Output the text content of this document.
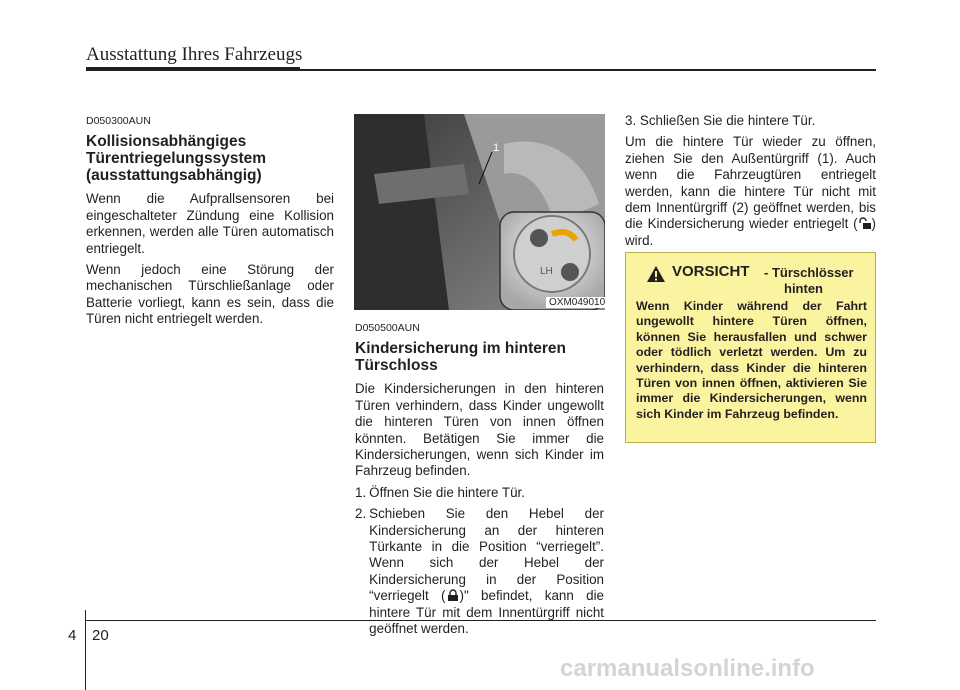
Ausstattung Ihres Fahrzeugs
D050300AUN
Kollisionsabhängiges Türentriegelungssystem (ausstattungsabhängig)

Wenn die Aufprallsensoren bei eingeschalteter Zündung eine Kollision erkennen, werden alle Türen automatisch entriegelt.

Wenn jedoch eine Störung der mechanischen Türschließanlage oder Batterie vorliegt, kann es sein, dass die Türen nicht entriegelt werden.

1
LH
OXM049010
D050500AUN
Kindersicherung im hinteren Türschloss

Die Kindersicherungen in den hinteren Türen verhindern, dass Kinder ungewollt die hinteren Türen von innen öffnen könnten. Betätigen Sie immer die Kindersicherungen, wenn sich Kinder im Fahrzeug befinden.

1. Öffnen Sie die hintere Tür.
2. Schieben Sie den Hebel der Kindersicherung an der hinteren Türkante in die Position “verriegelt”. Wenn sich der Hebel der Kindersicherung in der Position “verriegelt ( )" befindet, kann die hintere Tür mit dem Innentürgriff nicht geöffnet werden.

3. Schließen Sie die hintere Tür.

Um die hintere Tür wieder zu öffnen, ziehen Sie den Außentürgriff (1). Auch wenn die Fahrzeugtüren entriegelt werden, kann die hintere Tür nicht mit dem Innentürgriff (2) geöffnet werden, bis die Kindersicherung wieder entriegelt ( ) wird.

VORSICHT - Türschlösser
hinten
Wenn Kinder während der Fahrt ungewollt hintere Türen öffnen, können Sie herausfallen und schwer oder tödlich verletzt werden. Um zu verhindern, dass Kinder die hinteren Türen von innen öffnen, aktivieren Sie immer die Kindersicherungen, wenn sich Kinder im Fahrzeug befinden.
4 20
carmanualsonline.info
